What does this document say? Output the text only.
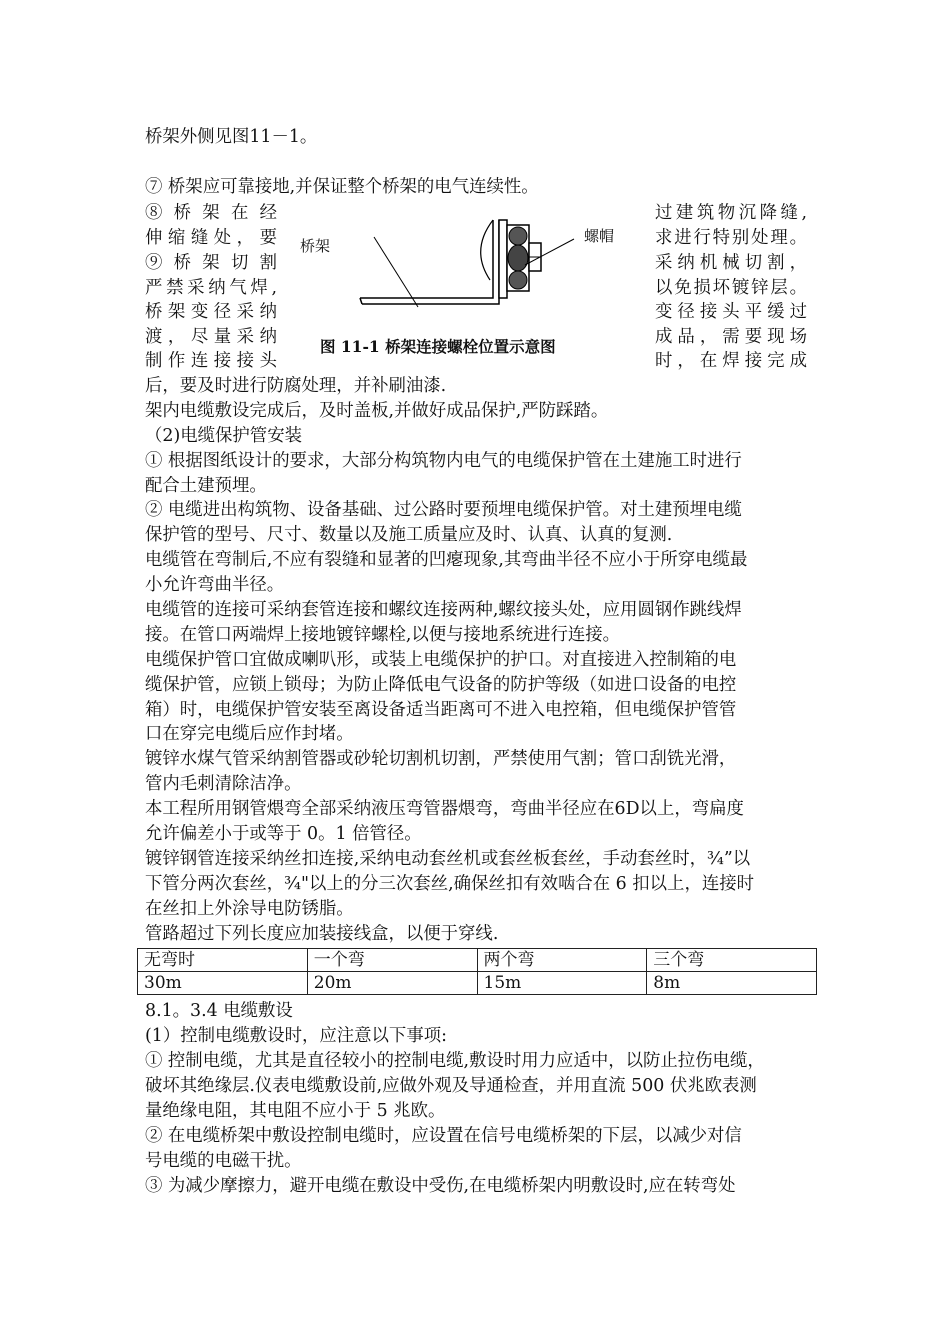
桥架外侧见图11－1。
⑦ 桥架应可靠接地,并保证整个桥架的电气连续性。
⑧ 桥 架 在 经
伸缩缝处，要
⑨ 桥 架 切 割
严禁采纳气焊,
桥架变径采纳
渡，尽量采纳
制作连接接头
过建筑物沉降缝,
求进行特别处理。
采纳机械切割，
以免损坏镀锌层。
变径接头平缓过
成品，需要现场
时，在焊接完成
桥架
螺帽
图 11-1 桥架连接螺栓位置示意图
后，要及时进行防腐处理，并补刷油漆.
架内电缆敷设完成后，及时盖板,并做好成品保护,严防踩踏。
（2)电缆保护管安装
① 根据图纸设计的要求，大部分构筑物内电气的电缆保护管在土建施工时进行
配合土建预埋。
② 电缆进出构筑物、设备基础、过公路时要预埋电缆保护管。对土建预埋电缆
保护管的型号、尺寸、数量以及施工质量应及时、认真、认真的复测.
电缆管在弯制后,不应有裂缝和显著的凹瘪现象,其弯曲半径不应小于所穿电缆最
小允许弯曲半径。
电缆管的连接可采纳套管连接和螺纹连接两种,螺纹接头处，应用圆钢作跳线焊
接。在管口两端焊上接地镀锌螺栓,以便与接地系统进行连接。
电缆保护管口宜做成喇叭形，或装上电缆保护的护口。对直接进入控制箱的电
缆保护管，应锁上锁母；为防止降低电气设备的防护等级（如进口设备的电控
箱）时，电缆保护管安装至离设备适当距离可不进入电控箱，但电缆保护管管
口在穿完电缆后应作封堵。
镀锌水煤气管采纳割管器或砂轮切割机切割，严禁使用气割；管口刮铣光滑，
管内毛刺清除洁净。
本工程所用钢管煨弯全部采纳液压弯管器煨弯，弯曲半径应在6D以上，弯扁度
允许偏差小于或等于 0。1 倍管径。
镀锌钢管连接采纳丝扣连接,采纳电动套丝机或套丝板套丝，手动套丝时，¾”以
下管分两次套丝，¾"以上的分三次套丝,确保丝扣有效啮合在 6 扣以上，连接时
在丝扣上外涂导电防锈脂。
管路超过下列长度应加装接线盒，以便于穿线.
无弯时	一个弯	两个弯	三个弯
30m	20m	15m	8m
8.1。3.4 电缆敷设
(1）控制电缆敷设时，应注意以下事项:
① 控制电缆，尤其是直径较小的控制电缆,敷设时用力应适中，以防止拉伤电缆，
破坏其绝缘层.仪表电缆敷设前,应做外观及导通检查，并用直流 500 伏兆欧表测
量绝缘电阻，其电阻不应小于 5 兆欧。
② 在电缆桥架中敷设控制电缆时，应设置在信号电缆桥架的下层，以减少对信
号电缆的电磁干扰。
③ 为减少摩擦力，避开电缆在敷设中受伤,在电缆桥架内明敷设时,应在转弯处
